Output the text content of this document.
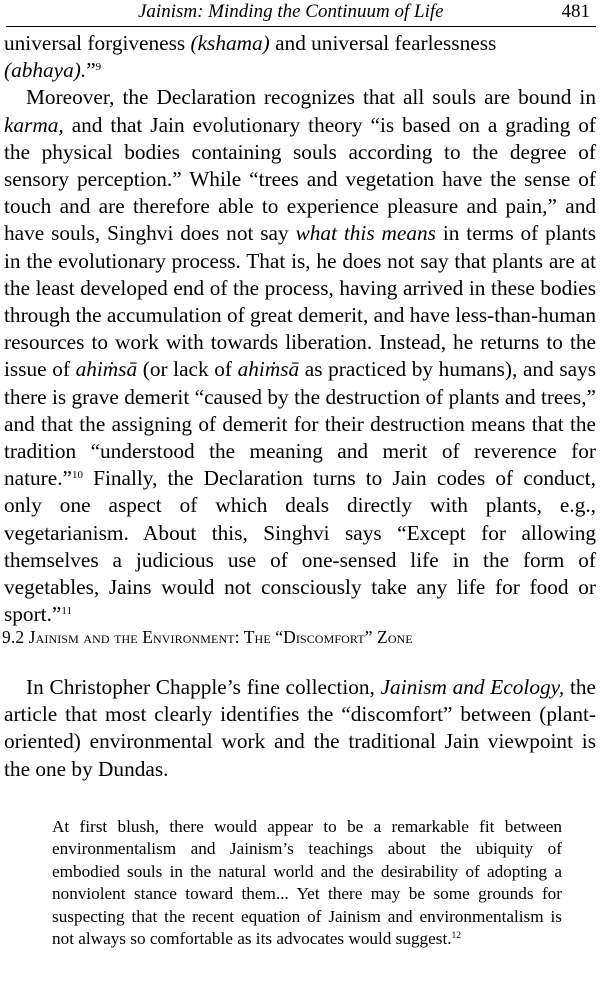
Jainism: Minding the Continuum of Life	481

universal forgiveness (kshama) and universal fearlessness (abhaya).”$^9$

Moreover, the Declaration recognizes that all souls are bound in karma, and that Jain evolutionary theory “is based on a grading of the physical bodies containing souls according to the degree of sensory perception.” While “trees and vegetation have the sense of touch and are therefore able to experience pleasure and pain,” and have souls, Singhvi does not say what this means in terms of plants in the evolutionary process. That is, he does not say that plants are at the least developed end of the process, having arrived in these bodies through the accumulation of great demerit, and have less-than-human resources to work with towards liberation. Instead, he returns to the issue of ahiṁsā (or lack of ahiṁsā as practiced by humans), and says there is grave demerit “caused by the destruction of plants and trees,” and that the assigning of demerit for their destruction means that the tradition “understood the meaning and merit of reverence for nature.”$^{10}$ Finally, the Declaration turns to Jain codes of conduct, only one aspect of which deals directly with plants, e.g., vegetarianism. About this, Singhvi says “Except for allowing themselves a judicious use of one-sensed life in the form of vegetables, Jains would not consciously take any life for food or sport.”$^{11}$

9.2 Jainism and the Environment: The “Discomfort” Zone

In Christopher Chapple’s fine collection, Jainism and Ecology, the article that most clearly identifies the “discomfort” between (plant-oriented) environmental work and the traditional Jain viewpoint is the one by Dundas.

At first blush, there would appear to be a remarkable fit between environmentalism and Jainism’s teachings about the ubiquity of embodied souls in the natural world and the desirability of adopting a nonviolent stance toward them... Yet there may be some grounds for suspecting that the recent equation of Jainism and environmentalism is not always so comfortable as its advocates would suggest.$^{12}$
